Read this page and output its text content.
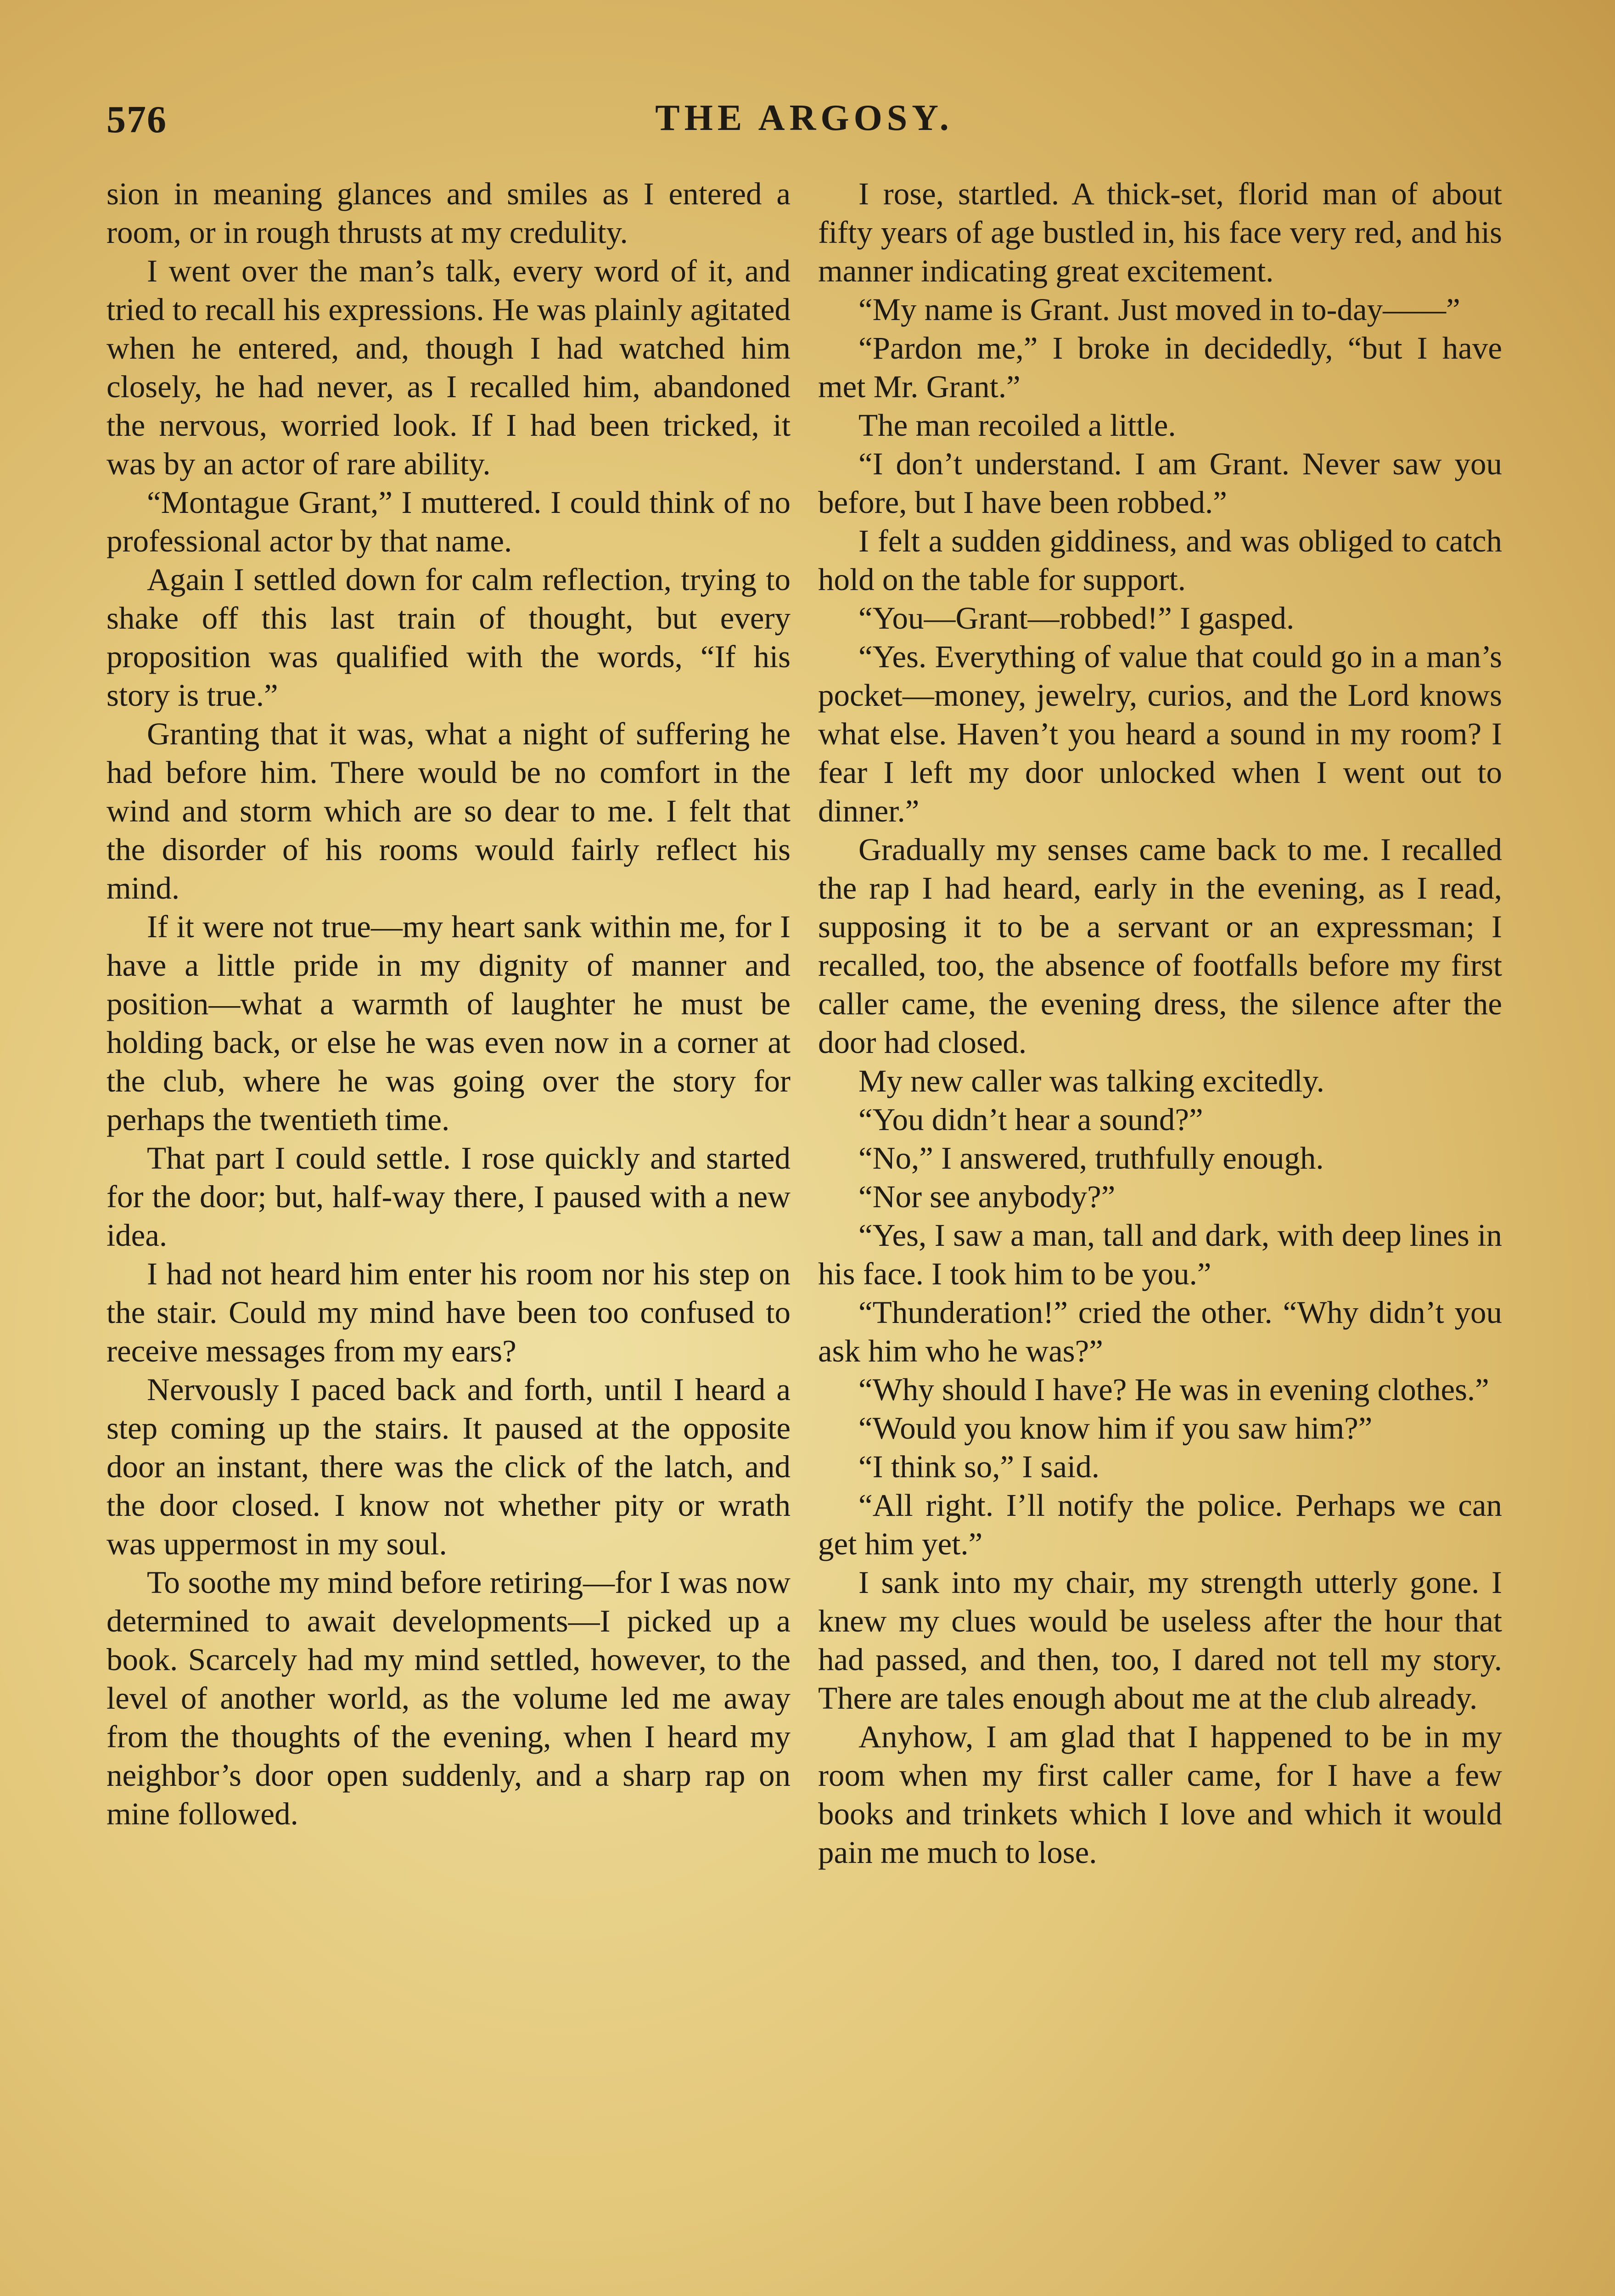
576	THE ARGOSY.

sion in meaning glances and smiles as I entered a room, or in rough thrusts at my credulity.

I went over the man’s talk, every word of it, and tried to recall his expressions. He was plainly agitated when he entered, and, though I had watched him closely, he had never, as I recalled him, abandoned the nervous, worried look. If I had been tricked, it was by an actor of rare ability.

“Montague Grant,” I muttered. I could think of no professional actor by that name.

Again I settled down for calm reflection, trying to shake off this last train of thought, but every proposition was qualified with the words, “If his story is true.”

Granting that it was, what a night of suffering he had before him. There would be no comfort in the wind and storm which are so dear to me. I felt that the disorder of his rooms would fairly reflect his mind.

If it were not true—my heart sank within me, for I have a little pride in my dignity of manner and position—what a warmth of laughter he must be holding back, or else he was even now in a corner at the club, where he was going over the story for perhaps the twentieth time.

That part I could settle. I rose quickly and started for the door; but, half-way there, I paused with a new idea.

I had not heard him enter his room nor his step on the stair. Could my mind have been too confused to receive messages from my ears?

Nervously I paced back and forth, until I heard a step coming up the stairs. It paused at the opposite door an instant, there was the click of the latch, and the door closed. I know not whether pity or wrath was uppermost in my soul.

To soothe my mind before retiring—for I was now determined to await developments—I picked up a book. Scarcely had my mind settled, however, to the level of another world, as the volume led me away from the thoughts of the evening, when I heard my neighbor’s door open suddenly, and a sharp rap on mine followed.

I rose, startled. A thick-set, florid man of about fifty years of age bustled in, his face very red, and his manner indicating great excitement.

“My name is Grant. Just moved in to-day——”

“Pardon me,” I broke in decidedly, “but I have met Mr. Grant.”

The man recoiled a little.

“I don’t understand. I am Grant. Never saw you before, but I have been robbed.”

I felt a sudden giddiness, and was obliged to catch hold on the table for support.

“You—Grant—robbed!” I gasped.

“Yes. Everything of value that could go in a man’s pocket—money, jewelry, curios, and the Lord knows what else. Haven’t you heard a sound in my room? I fear I left my door unlocked when I went out to dinner.”

Gradually my senses came back to me. I recalled the rap I had heard, early in the evening, as I read, supposing it to be a servant or an expressman; I recalled, too, the absence of footfalls before my first caller came, the evening dress, the silence after the door had closed.

My new caller was talking excitedly.

“You didn’t hear a sound?”

“No,” I answered, truthfully enough.

“Nor see anybody?”

“Yes, I saw a man, tall and dark, with deep lines in his face. I took him to be you.”

“Thunderation!” cried the other. “Why didn’t you ask him who he was?”

“Why should I have? He was in evening clothes.”

“Would you know him if you saw him?”

“I think so,” I said.

“All right. I’ll notify the police. Perhaps we can get him yet.”

I sank into my chair, my strength utterly gone. I knew my clues would be useless after the hour that had passed, and then, too, I dared not tell my story. There are tales enough about me at the club already.

Anyhow, I am glad that I happened to be in my room when my first caller came, for I have a few books and trinkets which I love and which it would pain me much to lose.
